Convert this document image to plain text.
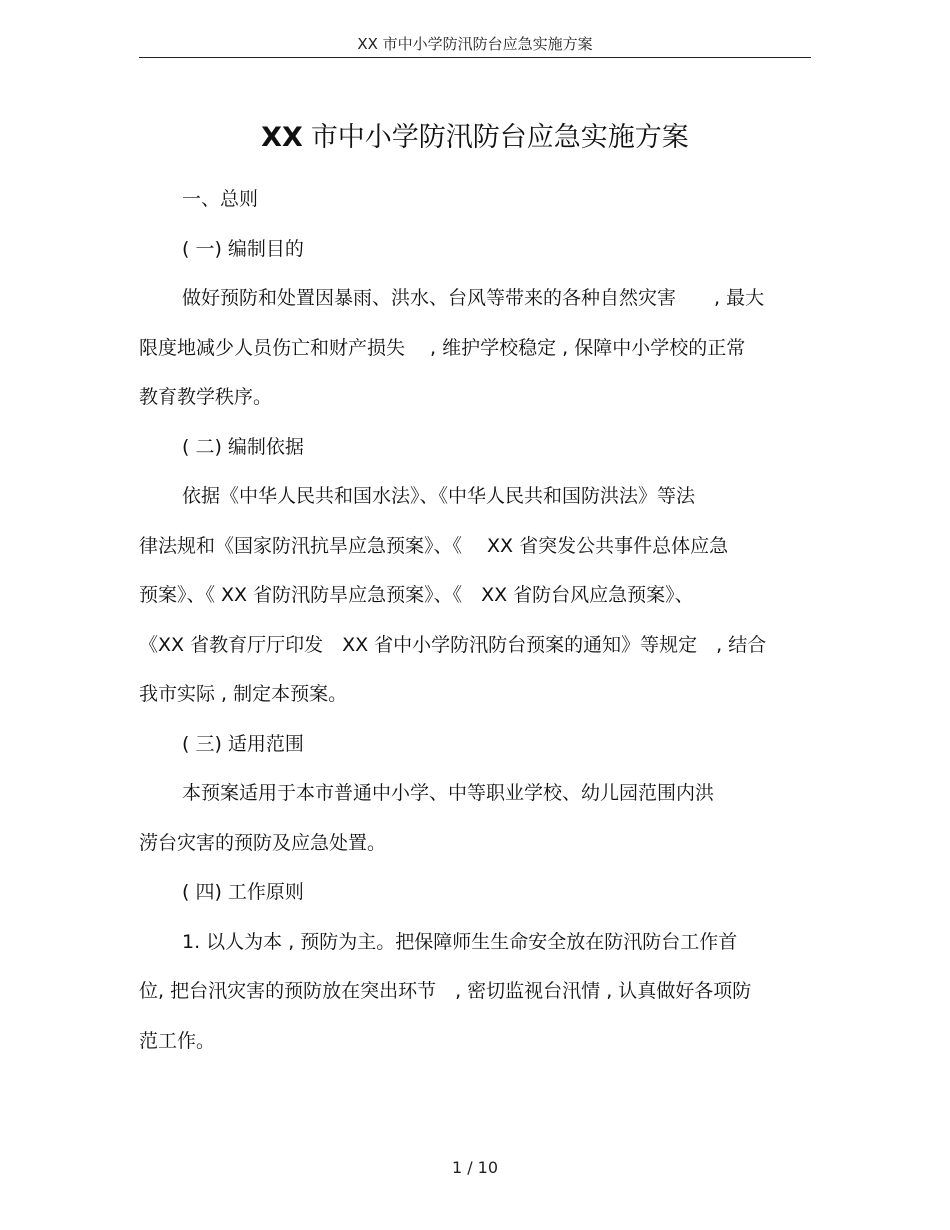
XX 市中小学防汛防台应急实施方案
XX 市中小学防汛防台应急实施方案
一、总则
( 一) 编制目的
做好预防和处置因暴雨、洪水、台风等带来的各种自然灾害　　, 最大
限度地减少人员伤亡和财产损失　 , 维护学校稳定 , 保障中小学校的正常
教育教学秩序。
( 二) 编制依据
依据《中华人民共和国水法》、《中华人民共和国防洪法》等法
律法规和《国家防汛抗旱应急预案》、《　 XX 省突发公共事件总体应急
预案》、《 XX 省防汛防旱应急预案》、《　XX 省防台风应急预案》、
《XX 省教育厅厅印发　XX 省中小学防汛防台预案的通知》等规定　, 结合
我市实际 , 制定本预案。
( 三) 适用范围
本预案适用于本市普通中小学、中等职业学校、幼儿园范围内洪
涝台灾害的预防及应急处置。
( 四) 工作原则
1. 以人为本 , 预防为主。把保障师生生命安全放在防汛防台工作首
位, 把台汛灾害的预防放在突出环节　, 密切监视台汛情 , 认真做好各项防
范工作。
1 / 10
